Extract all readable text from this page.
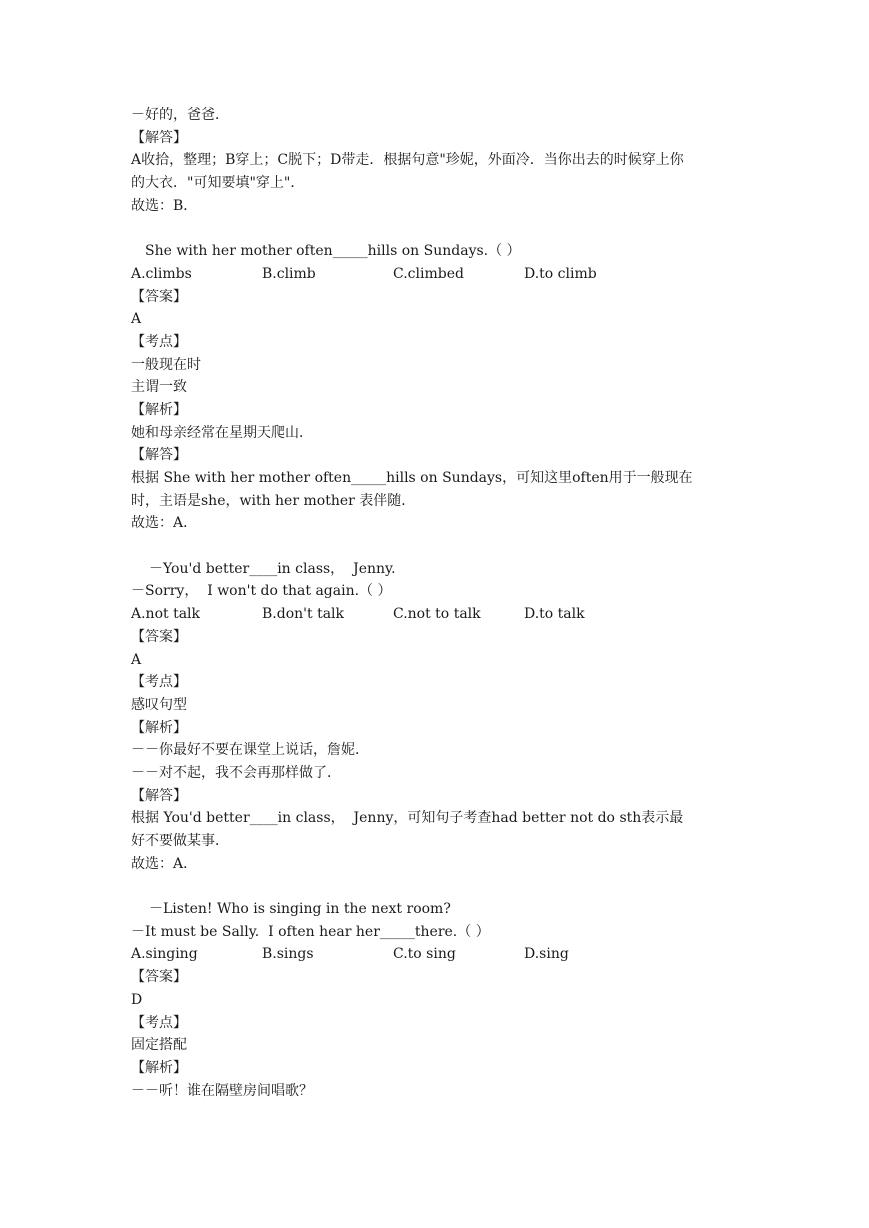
－好的，爸爸．
【解答】
A收拾，整理；B穿上；C脱下；D带走．根据句意"珍妮，外面冷．当你出去的时候穿上你
的大衣．"可知要填"穿上"．
故选：B．
She with her mother often_____hills on Sundays.（ ）
A.climbs	B.climb	C.climbed	D.to climb
【答案】
A
【考点】
一般现在时
主谓一致
【解析】
她和母亲经常在星期天爬山．
【解答】
根据 She with her mother often_____hills on Sundays，可知这里often用于一般现在
时，主语是she，with her mother 表伴随．
故选：A．
－You'd better____in class，  Jenny.
－Sorry，  I won't do that again.（ ）
A.not talk	B.don't talk	C.not to talk	D.to talk
【答案】
A
【考点】
感叹句型
【解析】
－－你最好不要在课堂上说话，詹妮．
－－对不起，我不会再那样做了．
【解答】
根据 You'd better____in class，  Jenny，可知句子考查had better not do sth表示最
好不要做某事．
故选：A．
－Listen! Who is singing in the next room?
－It must be Sally.  I often hear her_____there.（ ）
A.singing	B.sings	C.to sing	D.sing
【答案】
D
【考点】
固定搭配
【解析】
－－听！谁在隔壁房间唱歌？
